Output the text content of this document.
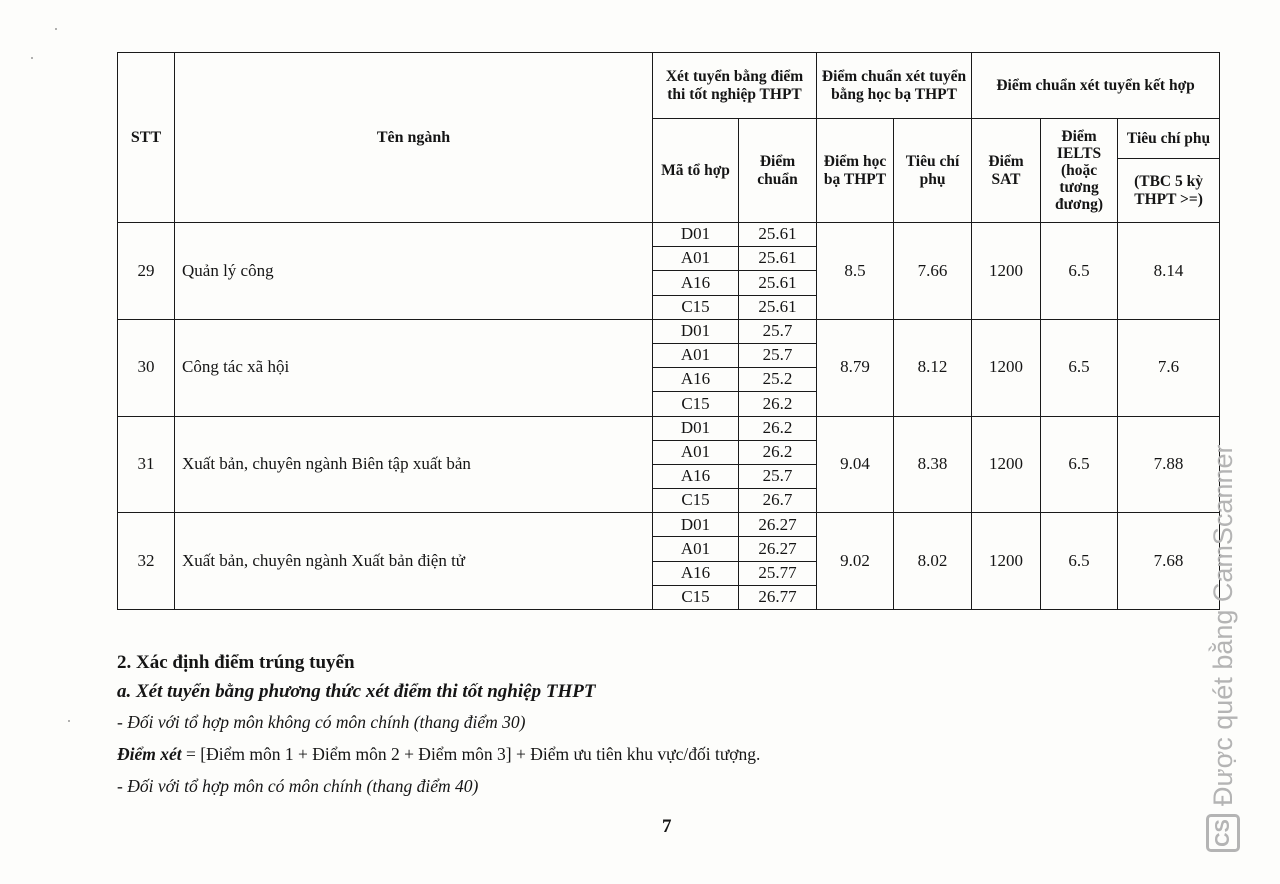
STT	Tên ngành	Xét tuyển bằng điểm thi tốt nghiệp THPT		Điểm chuẩn xét tuyển bằng học bạ THPT		Điểm chuẩn xét tuyển kết hợp		
		Mã tổ hợp	Điểm chuẩn	Điểm học bạ THPT	Tiêu chí phụ	Điểm SAT	Điểm IELTS (hoặc tương đương)	Tiêu chí phụ
								(TBC 5 kỳ THPT >=)
29	Quản lý công	D01	25.61	8.5	7.66	1200	6.5	8.14
		A01	25.61					
		A16	25.61					
		C15	25.61					
30	Công tác xã hội	D01	25.7	8.79	8.12	1200	6.5	7.6
		A01	25.7					
		A16	25.2					
		C15	26.2					
31	Xuất bản, chuyên ngành Biên tập xuất bản	D01	26.2	9.04	8.38	1200	6.5	7.88
		A01	26.2					
		A16	25.7					
		C15	26.7					
32	Xuất bản, chuyên ngành Xuất bản điện tử	D01	26.27	9.02	8.02	1200	6.5	7.68
		A01	26.27					
		A16	25.77					
		C15	26.77					
2. Xác định điểm trúng tuyển
a. Xét tuyển bằng phương thức xét điểm thi tốt nghiệp THPT
- Đối với tổ hợp môn không có môn chính (thang điểm 30)
Điểm xét = [Điểm môn 1 + Điểm môn 2 + Điểm môn 3] + Điểm ưu tiên khu vực/đối tượng.
- Đối với tổ hợp môn có môn chính (thang điểm 40)
7	CS
Được quét bằng CamScanner
